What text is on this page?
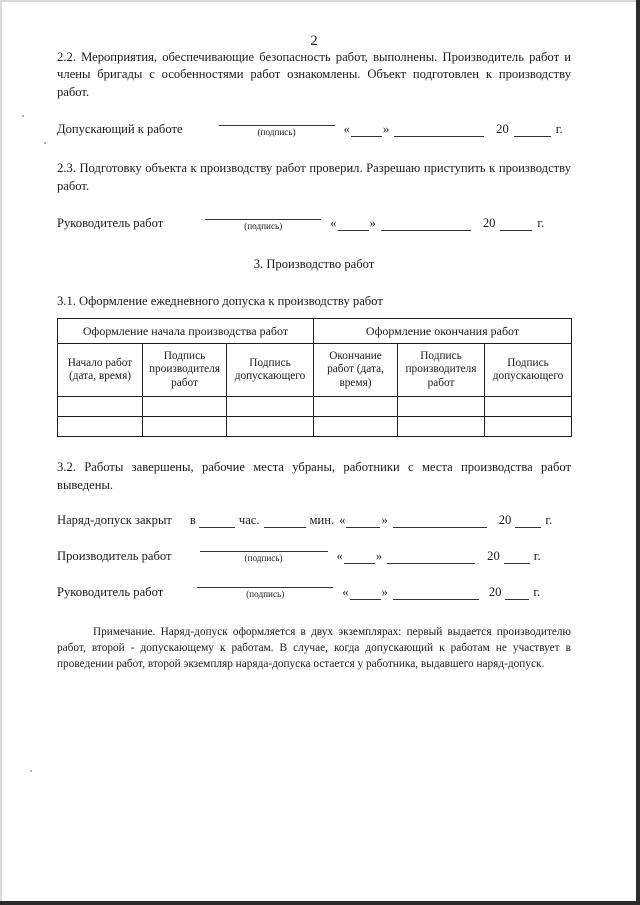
2

2.2. Мероприятия, обеспечивающие безопасность работ, выполнены. Производитель работ и члены бригады с особенностями работ ознакомлены. Объект подготовлен к производству работ.

Допускающий к работе	(подпись)	«	»	20	г.

2.3. Подготовку объекта к производству работ проверил. Разрешаю приступить к производству работ.

Руководитель работ	(подпись)	«	»	20	г.
3. Производство работ
3.1. Оформление ежедневного допуска к производству работ
Оформление начала производства работ			Оформление окончания работ		
Начало работ (дата, время)	Подпись производителя работ	Подпись допускающего	Окончание работ (дата, время)	Подпись производителя работ	Подпись допускающего

3.2. Работы завершены, рабочие места убраны, работники с места производства работ выведены.

Наряд-допуск закрыт в	час.	мин. «	»	20	г.
Производитель работ	(подпись)	«	»	20	г.
Руководитель работ	(подпись)	«	»	20	г.

Примечание. Наряд-допуск оформляется в двух экземплярах: первый выдается производителю работ, второй - допускающему к работам. В случае, когда допускающий к работам не участвует в проведении работ, второй экземпляр наряда-допуска остается у работника, выдавшего наряд-допуск.
